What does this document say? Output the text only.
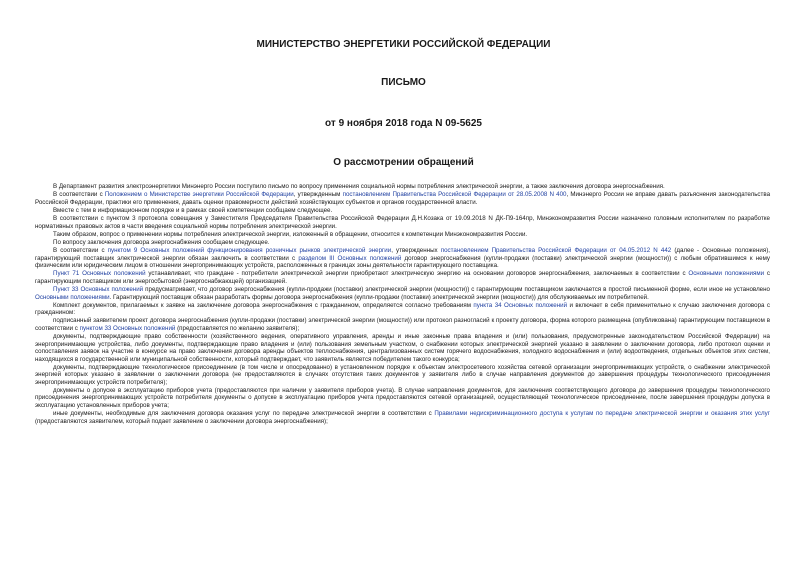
МИНИСТЕРСТВО ЭНЕРГЕТИКИ РОССИЙСКОЙ ФЕДЕРАЦИИ
ПИСЬМО
от 9 ноября 2018 года N 09-5625
О рассмотрении обращений

В Департамент развития электроэнергетики Минэнерго России поступило письмо по вопросу применения социальной нормы потребления электрической энергии, а также заключения договора энергоснабжения.

В соответствии с Положением о Министерстве энергетики Российской Федерации, утвержденным постановлением Правительства Российской Федерации от 28.05.2008 N 400, Минэнерго России не вправе давать разъяснения законодательства Российской Федерации, практики его применения, давать оценки правомерности действий хозяйствующих субъектов и органов государственной власти.

Вместе с тем в информационном порядке и в рамках своей компетенции сообщаем следующее.

В соответствии с пунктом 3 протокола совещания у Заместителя Председателя Правительства Российской Федерации Д.Н.Козака от 19.09.2018 N ДК-П9-164пр, Минэкономразвития России назначено головным исполнителем по разработке нормативных правовых актов в части введения социальной нормы потребления электрической энергии.

Таким образом, вопрос о применении нормы потребления электрической энергии, изложенный в обращении, относится к компетенции Минэкономразвития России.

По вопросу заключения договора энергоснабжения сообщаем следующее.

В соответствии с пунктом 9 Основных положений функционирования розничных рынков электрической энергии, утвержденных постановлением Правительства Российской Федерации от 04.05.2012 N 442 (далее - Основные положения), гарантирующий поставщик электрической энергии обязан заключить в соответствии с разделом III Основных положений договор энергоснабжения (купли-продажи (поставки) электрической энергии (мощности)) с любым обратившимся к нему физическим или юридическим лицом в отношении энергопринимающих устройств, расположенных в границах зоны деятельности гарантирующего поставщика.

Пункт 71 Основных положений устанавливает, что граждане - потребители электрической энергии приобретают электрическую энергию на основании договоров энергоснабжения, заключаемых в соответствии с Основными положениями с гарантирующим поставщиком или энергосбытовой (энергоснабжающей) организацией.

Пункт 33 Основных положений предусматривает, что договор энергоснабжения (купли-продажи (поставки) электрической энергии (мощности)) с гарантирующим поставщиком заключается в простой письменной форме, если иное не установлено Основными положениями. Гарантирующий поставщик обязан разработать формы договора энергоснабжения (купли-продажи (поставки) электрической энергии (мощности)) для обслуживаемых им потребителей.

Комплект документов, прилагаемых к заявке на заключение договора энергоснабжения с гражданином, определяется согласно требованиям пункта 34 Основных положений и включает в себя применительно к случаю заключения договора с гражданином:

подписанный заявителем проект договора энергоснабжения (купли-продажи (поставки) электрической энергии (мощности)) или протокол разногласий к проекту договора, форма которого размещена (опубликована) гарантирующим поставщиком в соответствии с пунктом 33 Основных положений (предоставляется по желанию заявителя);

документы, подтверждающие право собственности (хозяйственного ведения, оперативного управления, аренды и иные законные права владения и (или) пользования, предусмотренные законодательством Российской Федерации) на энергопринимающие устройства, либо документы, подтверждающие право владения и (или) пользования земельным участком, о снабжении которых электрической энергией указано в заявлении о заключении договора, либо протокол оценки и сопоставления заявок на участие в конкурсе на право заключения договора аренды объектов теплоснабжения, централизованных систем горячего водоснабжения, холодного водоснабжения и (или) водоотведения, отдельных объектов этих систем, находящихся в государственной или муниципальной собственности, который подтверждает, что заявитель является победителем такого конкурса;

документы, подтверждающие технологическое присоединение (в том числе и опосредованно) в установленном порядке к объектам электросетевого хозяйства сетевой организации энергопринимающих устройств, о снабжении электрической энергией которых указано в заявлении о заключении договора (не предоставляются в случаях отсутствия таких документов у заявителя либо в случае направления документов до завершения процедуры технологического присоединения энергопринимающих устройств потребителя);

документы о допуске в эксплуатацию приборов учета (предоставляются при наличии у заявителя приборов учета). В случае направления документов, для заключения соответствующего договора до завершения процедуры технологического присоединения энергопринимающих устройств потребителя документы о допуске в эксплуатацию приборов учета предоставляются сетевой организацией, осуществляющей технологическое присоединение, после завершения процедуры допуска в эксплуатацию установленных приборов учета;

иные документы, необходимые для заключения договора оказания услуг по передаче электрической энергии в соответствии с Правилами недискриминационного доступа к услугам по передаче электрической энергии и оказания этих услуг (предоставляются заявителем, который подает заявление о заключении договора энергоснабжения);
